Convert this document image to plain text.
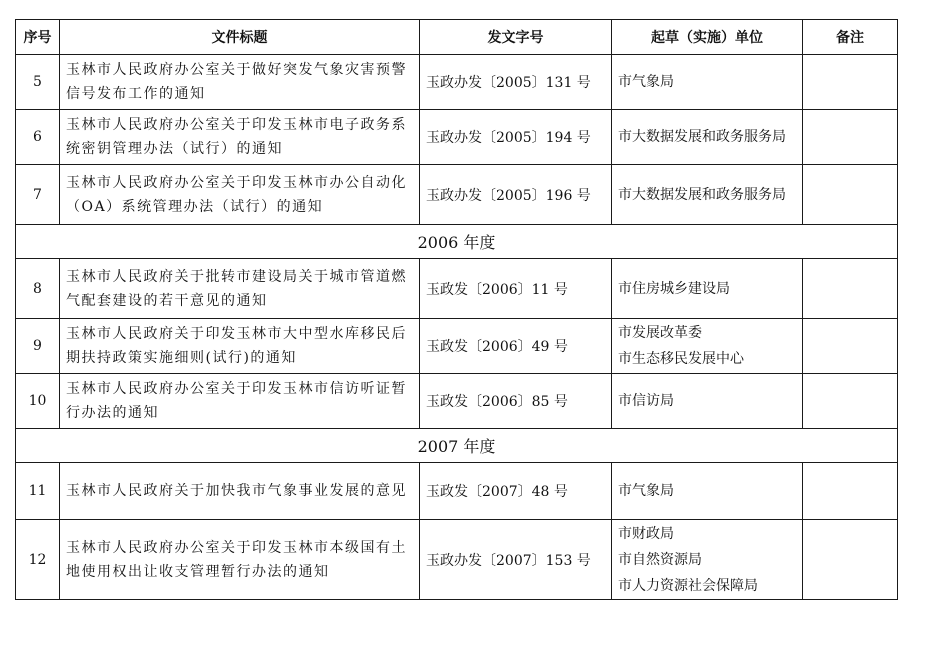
序号	文件标题	发文字号	起草（实施）单位	备注
5	玉林市人民政府办公室关于做好突发气象灾害预警信号发布工作的通知	玉政办发〔2005〕131 号	市气象局	

6	玉林市人民政府办公室关于印发玉林市电子政务系统密钥管理办法（试行）的通知	玉政办发〔2005〕194 号	市大数据发展和政务服务局	

7	玉林市人民政府办公室关于印发玉林市办公自动化（OA）系统管理办法（试行）的通知	玉政办发〔2005〕196 号	市大数据发展和政务服务局	

2006 年度				
8	玉林市人民政府关于批转市建设局关于城市管道燃气配套建设的若干意见的通知	玉政发〔2006〕11 号	市住房城乡建设局	

9	玉林市人民政府关于印发玉林市大中型水库移民后期扶持政策实施细则(试行)的通知	玉政发〔2006〕49 号	市发展改革委
市生态移民发展中心	

10	玉林市人民政府办公室关于印发玉林市信访听证暂行办法的通知	玉政发〔2006〕85 号	市信访局	

2007 年度				
11	玉林市人民政府关于加快我市气象事业发展的意见	玉政发〔2007〕48 号	市气象局	

12	玉林市人民政府办公室关于印发玉林市本级国有土地使用权出让收支管理暂行办法的通知	玉政办发〔2007〕153 号	市财政局
市自然资源局
市人力资源社会保障局	
